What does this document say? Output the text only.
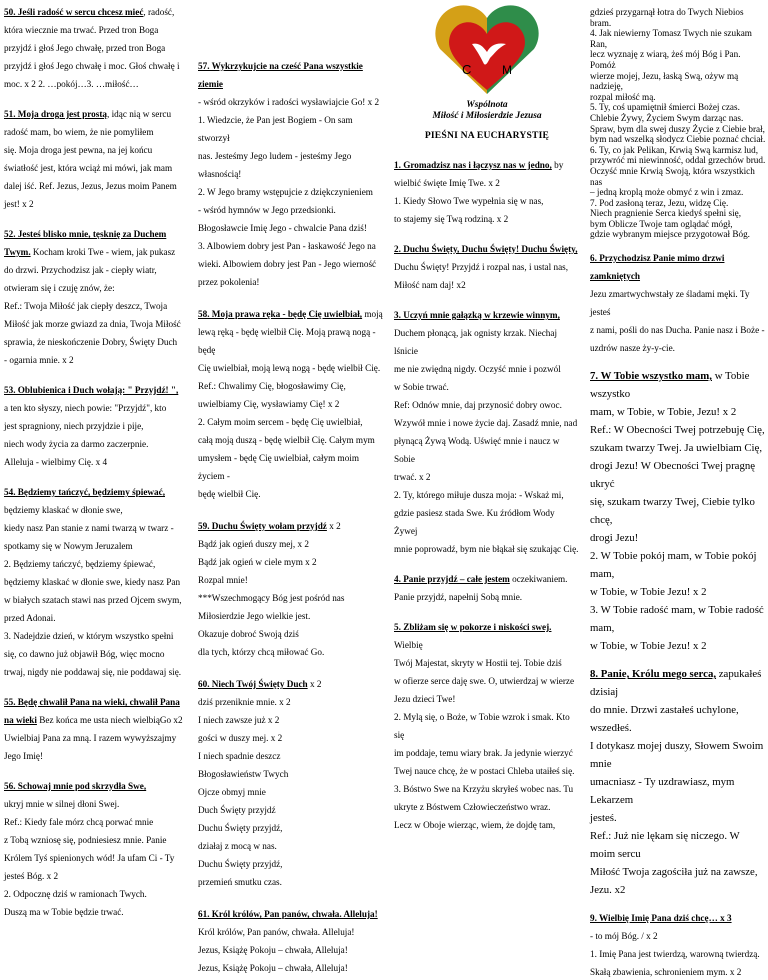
50. Jeśli radość w sercu chcesz mieć, radość,
która wiecznie ma trwać. Przed tron Boga
przyjdź i głoś Jego chwałę, przed tron Boga
przyjdź i głoś Jego chwałę i moc. Głoś chwałę i
moc. x 2 2. …pokój…3. …miłość…
51. Moja droga jest prostą, idąc nią w sercu
radość mam, bo wiem, że nie pomyliłem
się. Moja droga jest pewna, na jej końcu
światłość jest, która wciąż mi mówi, jak mam
dalej iść. Ref. Jezus, Jezus, Jezus moim Panem
jest! x 2
52. Jesteś blisko mnie, tęsknię za Duchem Twym. Kocham kroki Twe - wiem, jak pukasz
do drzwi. Przychodzisz jak - ciepły wiatr,
otwieram się i czuję znów, że:
Ref.: Twoja Miłość jak ciepły deszcz, Twoja
Miłość jak morze gwiazd za dnia, Twoja Miłość
sprawia, że nieskończenie Dobry, Święty Duch
- ogarnia mnie. x 2
53. Oblubienica i Duch wołają: " Przyjdź! ",
a ten kto słyszy, niech powie: "Przyjdź", kto
jest spragniony, niech przyjdzie i pije,
niech wody życia za darmo zaczerpnie.
Alleluja - wielbimy Cię. x 4
54. Będziemy tańczyć, będziemy śpiewać,
będziemy klaskać w dłonie swe,
kiedy nasz Pan stanie z nami twarzą w twarz -
spotkamy się w Nowym Jeruzalem
2. Będziemy tańczyć, będziemy śpiewać,
będziemy klaskać w dłonie swe, kiedy nasz Pan
w białych szatach stawi nas przed Ojcem swym,
przed Adonai.
3. Nadejdzie dzień, w którym wszystko spełni
się, co dawno już objawił Bóg, więc mocno
trwaj, nigdy nie poddawaj się, nie poddawaj się.
55. Będę chwalił Pana na wieki, chwalił Pana na wieki Bez końca me usta niech wielbiąGo x2
Uwielbiaj Pana za mną. I razem wywyższajmy
Jego Imię!
56. Schowaj mnie pod skrzydła Swe,
ukryj mnie w silnej dłoni Swej.
Ref.: Kiedy fale mórz chcą porwać mnie
z Tobą wzniosę się, podniesiesz mnie. Panie
Królem Tyś spienionych wód! Ja ufam Ci - Ty
jesteś Bóg. x 2
2. Odpocznę dziś w ramionach Twych.
Duszą ma w Tobie będzie trwać.
57. Wykrzykujcie na cześć Pana wszystkie ziemie
- wśród okrzyków i radości wysławiajcie Go! x 2
1. Wiedzcie, że Pan jest Bogiem - On sam stworzył
nas. Jesteśmy Jego ludem - jesteśmy Jego
własnością!
2. W Jego bramy wstępujcie z dziękczynieniem
- wśród hymnów w Jego przedsionki.
Błogosławcie Imię Jego - chwalcie Pana dziś!
3. Albowiem dobry jest Pan - łaskawość Jego na
wieki. Albowiem dobry jest Pan - Jego wierność
przez pokolenia!
58. Moja prawa ręka - będę Cię uwielbiał, moją
lewą ręką - będę wielbił Cię. Moją prawą nogą - będę
Cię uwielbiał, moją lewą nogą - będę wielbił Cię.
Ref.: Chwalimy Cię, błogosławimy Cię,
uwielbiamy Cię, wysławiamy Cię! x 2
2. Całym moim sercem - będę Cię uwielbiał,
całą moją duszą - będę wielbił Cię. Całym mym
umysłem - będę Cię uwielbiał, całym moim życiem -
będę wielbił Cię.
59. Duchu Święty wołam przyjdź x 2
Bądź jak ogień duszy mej, x 2
Bądź jak ogień w ciele mym x 2
Rozpal mnie!
***Wszechmogący Bóg jest pośród nas
Miłosierdzie Jego wielkie jest.
Okazuje dobroć Swoją dziś
dla tych, którzy chcą miłować Go.
60. Niech Twój Święty Duch x 2
dziś przeniknie mnie. x 2
I niech zawsze już x 2
gości w duszy mej. x 2
I niech spadnie deszcz
Błogosławieństw Twych
Ojcze obmyj mnie
Duch Święty przyjdź
Duchu Święty przyjdź,
działaj z mocą w nas.
Duchu Święty przyjdź,
przemień smutku czas.
61. Król królów, Pan panów, chwała. Alleluja!
Król królów, Pan panów, chwała. Alleluja!
Jezus, Książę Pokoju – chwała, Alleluja!
Jezus, Książę Pokoju – chwała, Alleluja!
C	M
Wspólnota
Miłość i Miłosierdzie Jezusa
PIEŚNI NA EUCHARYSTIĘ
1. Gromadzisz nas i łączysz nas w jedno, by
wielbić święte Imię Twe. x 2
1. Kiedy Słowo Twe wypełnia się w nas,
to stajemy się Twą rodziną. x 2
2. Duchu Święty, Duchu Święty! Duchu Święty,
Duchu Święty! Przyjdź i rozpal nas, i ustal nas,
Miłość nam daj! x2
3. Uczyń mnie gałązką w krzewie winnym,
Duchem płonącą, jak ognisty krzak. Niechaj lśnicie
me nie zwiędną nigdy. Oczyść mnie i pozwól
w Sobie trwać.
Ref: Odnów mnie, daj przynosić dobry owoc.
Wzywół mnie i nowe życie daj. Zasadź mnie, nad
płynącą Żywą Wodą. Uświęć mnie i naucz w Sobie
trwać. x 2
2. Ty, którego miłuje dusza moja: - Wskaż mi,
gdzie pasiesz stada Swe. Ku źródłom Wody Żywej
mnie poprowadź, bym nie błąkał się szukając Cię.
4. Panie przyjdź – całe jestem oczekiwaniem.
Panie przyjdź, napełnij Sobą mnie.
5. Zbliżam się w pokorze i niskości swej. Wielbię
Twój Majestat, skryty w Hostii tej. Tobie dziś
w ofierze serce daję swe. O, utwierdzaj w wierze
Jezu dzieci Twe!
2. Mylą się, o Boże, w Tobie wzrok i smak. Kto się
im poddaje, temu wiary brak. Ja jedynie wierzyć
Twej nauce chcę, że w postaci Chleba utaiłeś się.
3. Bóstwo Swe na Krzyżu skryłeś wobec nas. Tu
ukryte z Bóstwem Człowieczeństwo wraz.
Lecz w Oboje wierząc, wiem, że dojdę tam,
gdzieś przygarnął łotra do Twych Niebios bram.
4. Jak niewierny Tomasz Twych nie szukam Ran,
lecz wyznaję z wiarą, żeś mój Bóg i Pan. Pomóż
wierze mojej, Jezu, łaską Swą, ożyw mą nadzieję,
rozpal miłość mą.
5. Ty, coś upamiętnił śmierci Bożej czas.
Chlebie Żywy, Życiem Swym darząc nas.
Spraw, bym dla swej duszy Życie z Ciebie brał,
bym nad wszelką słodycz Ciebie poznać chciał.
6. Ty, co jak Pelikan, Krwią Swą karmisz lud,
przywróć mi niewinność, oddal grzechów brud.
Oczyść mnie Krwią Swoją, która wszystkich nas
– jedną kroplą może obmyć z win i zmaz.
7. Pod zasłoną teraz, Jezu, widzę Cię.
Niech pragnienie Serca kiedyś spełni się,
bym Oblicze Twoje tam oglądać mógł,
gdzie wybranym miejsce przygotował Bóg.
6. Przychodzisz Panie mimo drzwi zamkniętych
Jezu zmartwychwstały ze śladami męki. Ty jesteś
z nami, pośli do nas Ducha. Panie nasz i Boże -
uzdrów nasze ży-y-cie.
7. W Tobie wszystko mam, w Tobie wszystko
mam, w Tobie, w Tobie, Jezu! x 2
Ref.: W Obecności Twej potrzebuję Cię,
szukam twarzy Twej. Ja uwielbiam Cię,
drogi Jezu! W Obecności Twej pragnę ukryć
się, szukam twarzy Twej, Ciebie tylko chcę,
drogi Jezu!
2. W Tobie pokój mam, w Tobie pokój mam,
w Tobie, w Tobie Jezu! x 2
3. W Tobie radość mam, w Tobie radość mam,
w Tobie, w Tobie Jezu! x 2
8. Panie, Królu mego serca, zapukałeś dzisiaj
do mnie. Drzwi zastałeś uchylone, wszedłeś.
I dotykasz mojej duszy, Słowem Swoim mnie
umacniasz - Ty uzdrawiasz, mym Lekarzem
jesteś.
Ref.: Już nie lękam się niczego. W moim sercu
Miłość Twoja zagościła już na zawsze, Jezu. x2
9. Wielbię Imię Pana dziś chcę… x 3
- to mój Bóg. / x 2
1. Imię Pana jest twierdzą, warowną twierdzą.
Skałą zbawienia, schronieniem mym. x 2
